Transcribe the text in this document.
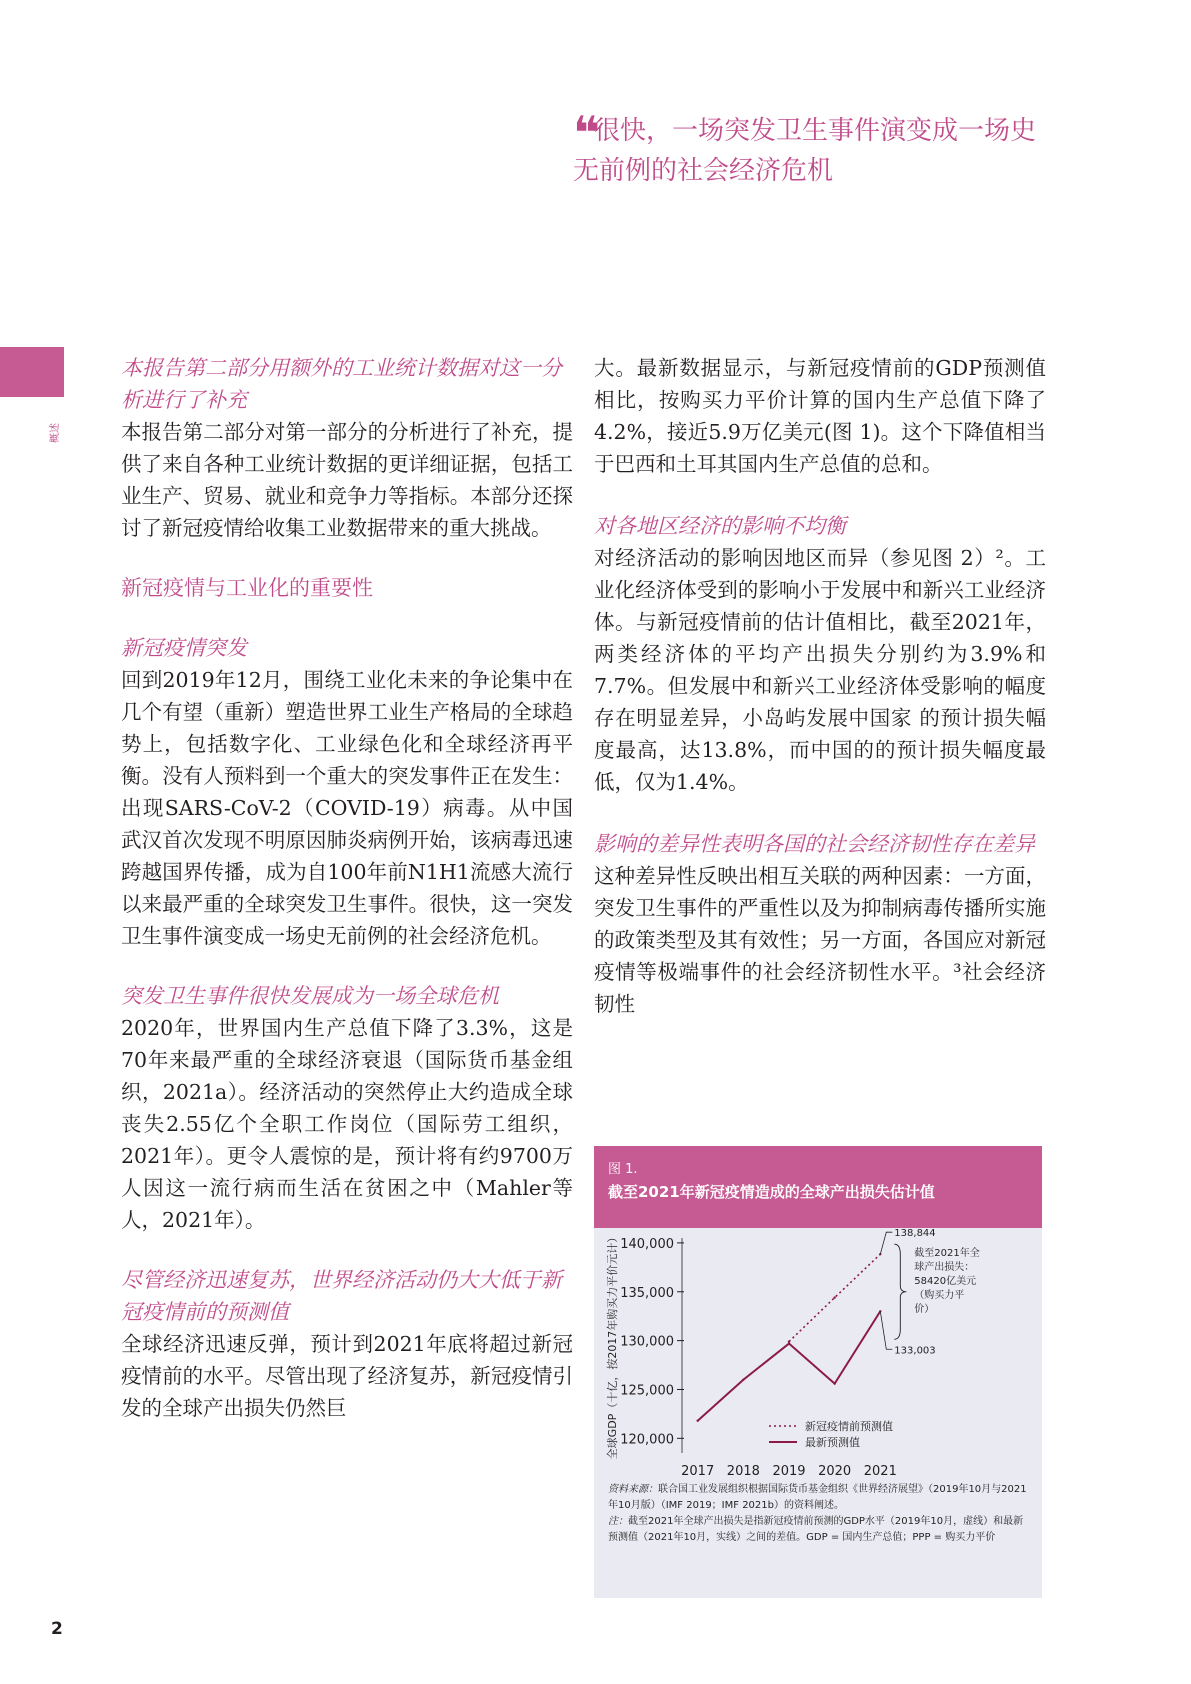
概述
❝很快，一场突发卫生事件演变成一场史无前例的社会经济危机

本报告第二部分用额外的工业统计数据对这一分析进行了补充

本报告第二部分对第一部分的分析进行了补充，提供了来自各种工业统计数据的更详细证据，包括工业生产、贸易、就业和竞争力等指标。本部分还探讨了新冠疫情给收集工业数据带来的重大挑战。

新冠疫情与工业化的重要性

新冠疫情突发

回到2019年12月，围绕工业化未来的争论集中在几个有望（重新）塑造世界工业生产格局的全球趋势上，包括数字化、工业绿色化和全球经济再平衡。没有人预料到一个重大的突发事件正在发生：出现SARS-CoV-2（COVID-19）病毒。从中国武汉首次发现不明原因肺炎病例开始，该病毒迅速跨越国界传播，成为自100年前N1H1流感大流行以来最严重的全球突发卫生事件。很快，这一突发卫生事件演变成一场史无前例的社会经济危机。

突发卫生事件很快发展成为一场全球危机

2020年，世界国内生产总值下降了3.3%，这是70年来最严重的全球经济衰退（国际货币基金组织，2021a）。经济活动的突然停止大约造成全球丧失2.55亿个全职工作岗位（国际劳工组织，2021年）。更令人震惊的是，预计将有约9700万人因这一流行病而生活在贫困之中（Mahler等人，2021年）。

尽管经济迅速复苏，世界经济活动仍大大低于新冠疫情前的预测值

全球经济迅速反弹，预计到2021年底将超过新冠疫情前的水平。尽管出现了经济复苏，新冠疫情引发的全球产出损失仍然巨

大。最新数据显示，与新冠疫情前的GDP预测值相比，按购买力平价计算的国内生产总值下降了4.2%，接近5.9万亿美元(图 1)。这个下降值相当于巴西和土耳其国内生产总值的总和。

对各地区经济的影响不均衡

对经济活动的影响因地区而异（参见图 2）²。工业化经济体受到的影响小于发展中和新兴工业经济体。与新冠疫情前的估计值相比，截至2021年，两类经济体的平均产出损失分别约为3.9%和7.7%。但发展中和新兴工业经济体受影响的幅度存在明显差异，小岛屿发展中国家 的预计损失幅度最高，达13.8%，而中国的的预计损失幅度最低，仅为1.4%。

影响的差异性表明各国的社会经济韧性存在差异

这种差异性反映出相互关联的两种因素：一方面，突发卫生事件的严重性以及为抑制病毒传播所实施的政策类型及其有效性；另一方面，各国应对新冠疫情等极端事件的社会经济韧性水平。³社会经济韧性

图 1.
截至2021年新冠疫情造成的全球产出损失估计值
120,000
125,000
130,000
135,000
140,000
全球GDP（十亿，按2017年购买力平价元计）
2017 2018 2019 2020 2021
138,844
133,003
截至2021年全
球产出损失：
58420亿美元
（购买力平
价）
新冠疫情前预测值
最新预测值
资料来源：联合国工业发展组织根据国际货币基金组织《世界经济展望》（2019年10月与2021年10月版）（IMF 2019；IMF 2021b）的资料阐述。
注：截至2021年全球产出损失是指新冠疫情前预测的GDP水平（2019年10月，虚线）和最新预测值（2021年10月，实线）之间的差值。GDP = 国内生产总值；PPP = 购买力平价
2
